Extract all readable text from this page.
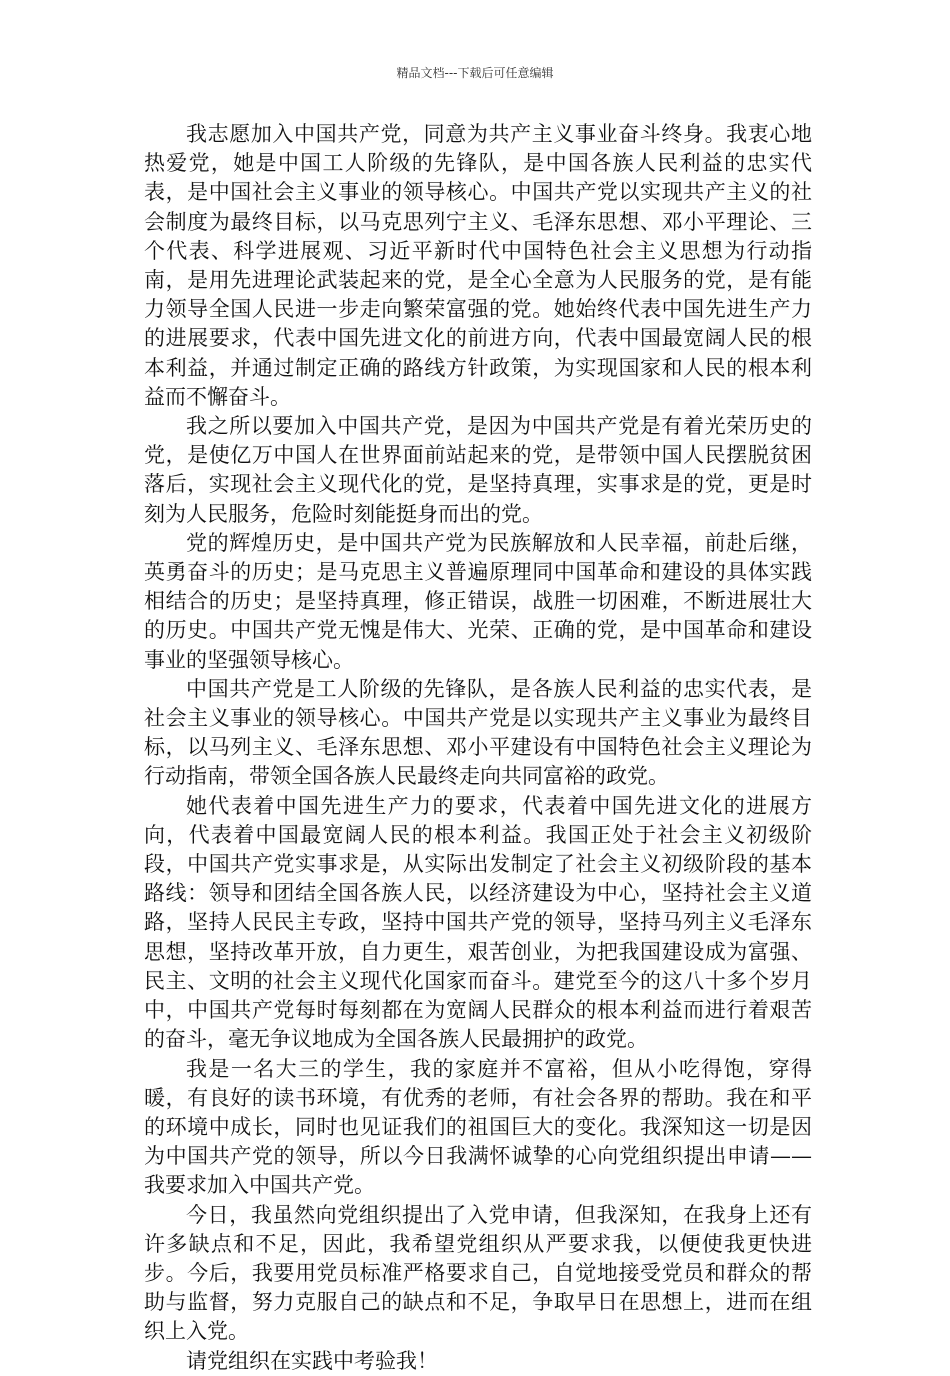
精品文档---下载后可任意编辑

我志愿加入中国共产党，同意为共产主义事业奋斗终身。我衷心地热爱党，她是中国工人阶级的先锋队，是中国各族人民利益的忠实代表，是中国社会主义事业的领导核心。中国共产党以实现共产主义的社会制度为最终目标，以马克思列宁主义、毛泽东思想、邓小平理论、三个代表、科学进展观、习近平新时代中国特色社会主义思想为行动指南，是用先进理论武装起来的党，是全心全意为人民服务的党，是有能力领导全国人民进一步走向繁荣富强的党。她始终代表中国先进生产力的进展要求，代表中国先进文化的前进方向，代表中国最宽阔人民的根本利益，并通过制定正确的路线方针政策，为实现国家和人民的根本利益而不懈奋斗。

我之所以要加入中国共产党，是因为中国共产党是有着光荣历史的党，是使亿万中国人在世界面前站起来的党，是带领中国人民摆脱贫困落后，实现社会主义现代化的党，是坚持真理，实事求是的党，更是时刻为人民服务，危险时刻能挺身而出的党。

党的辉煌历史，是中国共产党为民族解放和人民幸福，前赴后继，英勇奋斗的历史；是马克思主义普遍原理同中国革命和建设的具体实践相结合的历史；是坚持真理，修正错误，战胜一切困难，不断进展壮大的历史。中国共产党无愧是伟大、光荣、正确的党，是中国革命和建设事业的坚强领导核心。

中国共产党是工人阶级的先锋队，是各族人民利益的忠实代表，是社会主义事业的领导核心。中国共产党是以实现共产主义事业为最终目标，以马列主义、毛泽东思想、邓小平建设有中国特色社会主义理论为行动指南，带领全国各族人民最终走向共同富裕的政党。

她代表着中国先进生产力的要求，代表着中国先进文化的进展方向，代表着中国最宽阔人民的根本利益。我国正处于社会主义初级阶段，中国共产党实事求是，从实际出发制定了社会主义初级阶段的基本路线：领导和团结全国各族人民，以经济建设为中心，坚持社会主义道路，坚持人民民主专政，坚持中国共产党的领导，坚持马列主义毛泽东思想，坚持改革开放，自力更生，艰苦创业，为把我国建设成为富强、民主、文明的社会主义现代化国家而奋斗。建党至今的这八十多个岁月中，中国共产党每时每刻都在为宽阔人民群众的根本利益而进行着艰苦的奋斗，毫无争议地成为全国各族人民最拥护的政党。

我是一名大三的学生，我的家庭并不富裕，但从小吃得饱，穿得暖，有良好的读书环境，有优秀的老师，有社会各界的帮助。我在和平的环境中成长，同时也见证我们的祖国巨大的变化。我深知这一切是因为中国共产党的领导，所以今日我满怀诚挚的心向党组织提出申请——我要求加入中国共产党。

今日，我虽然向党组织提出了入党申请，但我深知，在我身上还有许多缺点和不足，因此，我希望党组织从严要求我，以便使我更快进步。今后，我要用党员标准严格要求自己，自觉地接受党员和群众的帮助与监督，努力克服自己的缺点和不足，争取早日在思想上，进而在组织上入党。

请党组织在实践中考验我！
